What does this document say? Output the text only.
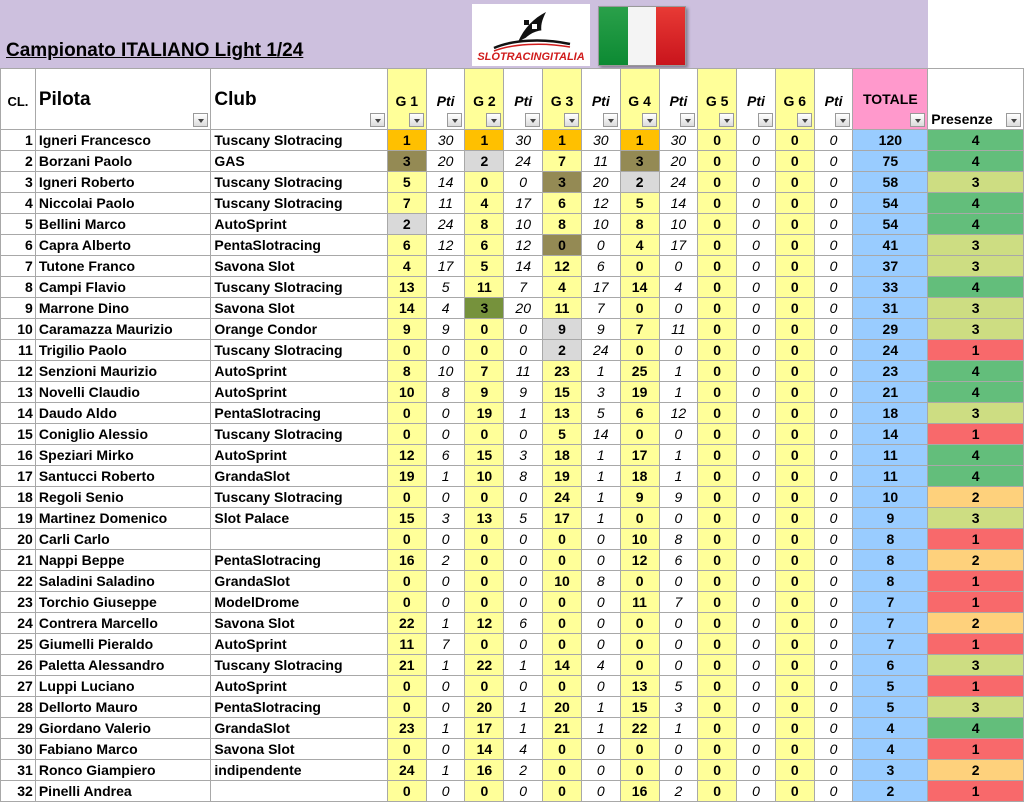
Campionato ITALIANO Light 1/24	SLOTRACINGITALIA
CL.	Pilota	Club	G 1	Pti	G 2	Pti	G 3	Pti	G 4	Pti	G 5	Pti	G 6	Pti	TOTALE	Presenze

1	Igneri Francesco	Tuscany Slotracing	1	30	1	30	1	30	1	30	0	0	0	0	120	4
2	Borzani Paolo	GAS	3	20	2	24	7	11	3	20	0	0	0	0	75	4
3	Igneri Roberto	Tuscany Slotracing	5	14	0	0	3	20	2	24	0	0	0	0	58	3
4	Niccolai Paolo	Tuscany Slotracing	7	11	4	17	6	12	5	14	0	0	0	0	54	4
5	Bellini Marco	AutoSprint	2	24	8	10	8	10	8	10	0	0	0	0	54	4
6	Capra Alberto	PentaSlotracing	6	12	6	12	0	0	4	17	0	0	0	0	41	3
7	Tutone Franco	Savona Slot	4	17	5	14	12	6	0	0	0	0	0	0	37	3
8	Campi Flavio	Tuscany Slotracing	13	5	11	7	4	17	14	4	0	0	0	0	33	4
9	Marrone Dino	Savona Slot	14	4	3	20	11	7	0	0	0	0	0	0	31	3
10	Caramazza Maurizio	Orange Condor	9	9	0	0	9	9	7	11	0	0	0	0	29	3
11	Trigilio Paolo	Tuscany Slotracing	0	0	0	0	2	24	0	0	0	0	0	0	24	1
12	Senzioni Maurizio	AutoSprint	8	10	7	11	23	1	25	1	0	0	0	0	23	4
13	Novelli Claudio	AutoSprint	10	8	9	9	15	3	19	1	0	0	0	0	21	4
14	Daudo Aldo	PentaSlotracing	0	0	19	1	13	5	6	12	0	0	0	0	18	3
15	Coniglio Alessio	Tuscany Slotracing	0	0	0	0	5	14	0	0	0	0	0	0	14	1
16	Speziari Mirko	AutoSprint	12	6	15	3	18	1	17	1	0	0	0	0	11	4
17	Santucci Roberto	GrandaSlot	19	1	10	8	19	1	18	1	0	0	0	0	11	4
18	Regoli Senio	Tuscany Slotracing	0	0	0	0	24	1	9	9	0	0	0	0	10	2
19	Martinez Domenico	Slot Palace	15	3	13	5	17	1	0	0	0	0	0	0	9	3
20	Carli Carlo		0	0	0	0	0	0	10	8	0	0	0	0	8	1
21	Nappi Beppe	PentaSlotracing	16	2	0	0	0	0	12	6	0	0	0	0	8	2
22	Saladini Saladino	GrandaSlot	0	0	0	0	10	8	0	0	0	0	0	0	8	1
23	Torchio Giuseppe	ModelDrome	0	0	0	0	0	0	11	7	0	0	0	0	7	1
24	Contrera Marcello	Savona Slot	22	1	12	6	0	0	0	0	0	0	0	0	7	2
25	Giumelli Pieraldo	AutoSprint	11	7	0	0	0	0	0	0	0	0	0	0	7	1
26	Paletta Alessandro	Tuscany Slotracing	21	1	22	1	14	4	0	0	0	0	0	0	6	3
27	Luppi Luciano	AutoSprint	0	0	0	0	0	0	13	5	0	0	0	0	5	1
28	Dellorto Mauro	PentaSlotracing	0	0	20	1	20	1	15	3	0	0	0	0	5	3
29	Giordano Valerio	GrandaSlot	23	1	17	1	21	1	22	1	0	0	0	0	4	4
30	Fabiano Marco	Savona Slot	0	0	14	4	0	0	0	0	0	0	0	0	4	1
31	Ronco Giampiero	indipendente	24	1	16	2	0	0	0	0	0	0	0	0	3	2
32	Pinelli Andrea		0	0	0	0	0	0	16	2	0	0	0	0	2	1
